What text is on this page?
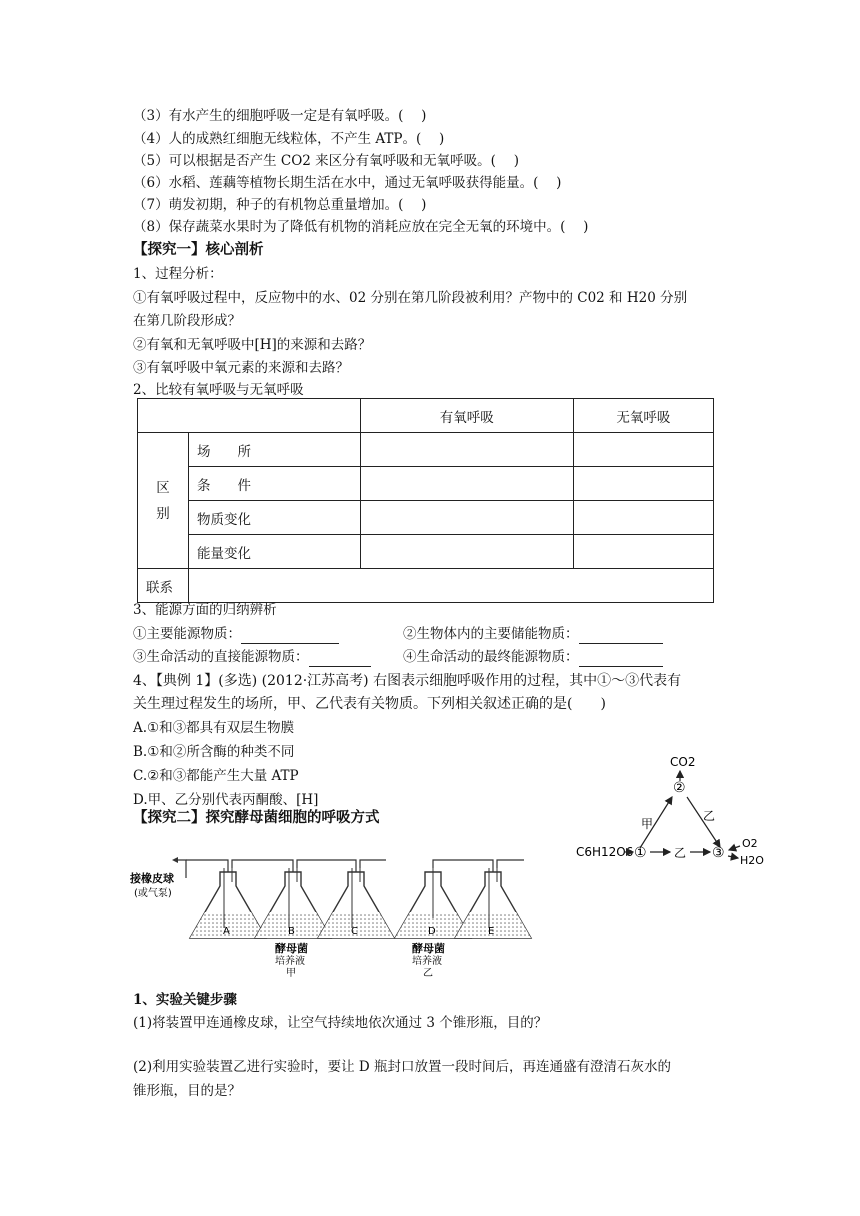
（3）有水产生的细胞呼吸一定是有氧呼吸。(　 )
（4）人的成熟红细胞无线粒体，不产生 ATP。(　 )
（5）可以根据是否产生 CO2 来区分有氧呼吸和无氧呼吸。(　 )
（6）水稻、莲藕等植物长期生活在水中，通过无氧呼吸获得能量。(　 )
（7）萌发初期，种子的有机物总重量增加。(　 )
（8）保存蔬菜水果时为了降低有机物的消耗应放在完全无氧的环境中。(　 )
【探究一】核心剖析
1、过程分析：
①有氧呼吸过程中，反应物中的水、02 分别在第几阶段被利用？产物中的 C02 和 H20 分别
在第几阶段形成？
②有氧和无氧呼吸中[H]的来源和去路？
③有氧呼吸中氧元素的来源和去路？
2、比较有氧呼吸与无氧呼吸
		有氧呼吸	无氧呼吸
区
别	场　　所		
	条　　件		
	物质变化		
	能量变化		
联系			
3、能源方面的归纳辨析
①主要能源物质：	②生物体内的主要储能物质：
③生命活动的直接能源物质：	④生命活动的最终能源物质：
4、【典例 1】(多选) (2012·江苏高考) 右图表示细胞呼吸作用的过程，其中①～③代表有
关生理过程发生的场所，甲、乙代表有关物质。下列相关叙述正确的是(　　)
A.①和③都具有双层生物膜
B.①和②所含酶的种类不同
C.②和③都能产生大量 ATP
D.甲、乙分别代表丙酮酸、[H]
CO2
②
甲
乙
C6H12O6 ① 乙 ③
O2
H2O
【探究二】探究酵母菌细胞的呼吸方式
接橡皮球
(或气泵)
A	B	C	D	E
酵母菌
培养液
甲
酵母菌
培养液
乙
1、实验关键步骤
(1)将装置甲连通橡皮球，让空气持续地依次通过 3 个锥形瓶，目的？
(2)利用实验装置乙进行实验时，要让 D 瓶封口放置一段时间后，再连通盛有澄清石灰水的
锥形瓶，目的是？
